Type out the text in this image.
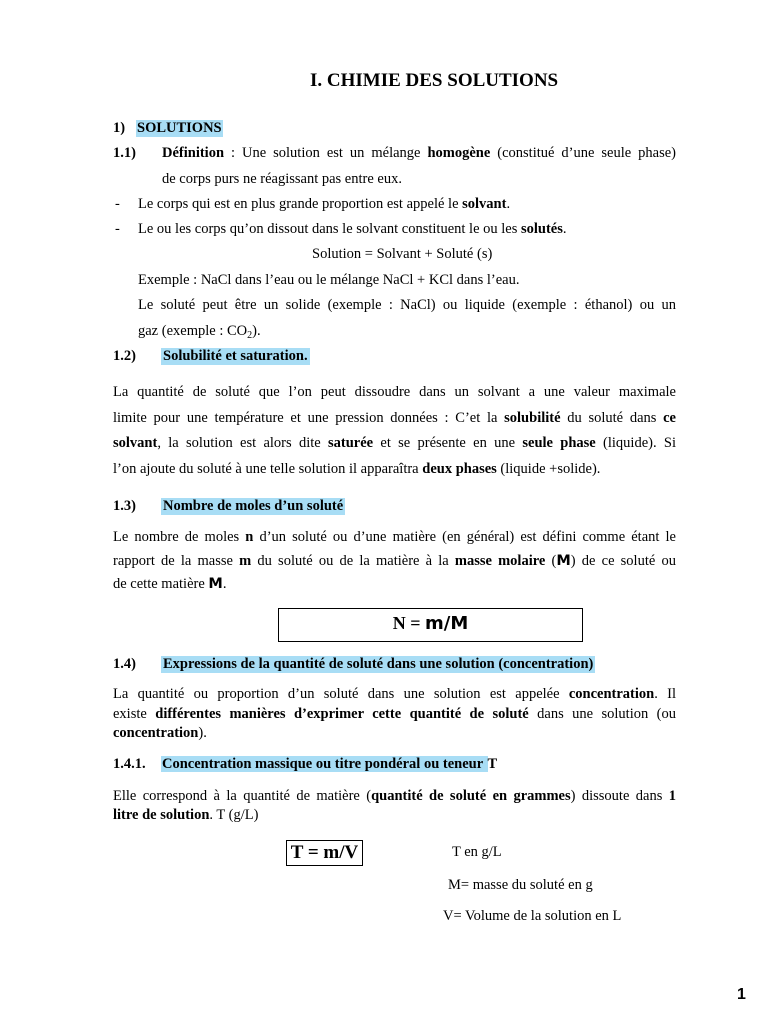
I. CHIMIE DES SOLUTIONS
1) SOLUTIONS
1.1) Définition : Une solution est un mélange homogène (constitué d’une seule phase)
de corps purs ne réagissant pas entre eux.
- Le corps qui est en plus grande proportion est appelé le solvant.
- Le ou les corps qu’on dissout dans le solvant constituent le ou les solutés.
Solution = Solvant + Soluté (s)
Exemple : NaCl dans l’eau ou le mélange NaCl + KCl dans l’eau.
Le soluté peut être un solide (exemple : NaCl) ou liquide (exemple : éthanol) ou un
gaz (exemple : $CO_2$).
1.2) Solubilité et saturation.
La quantité de soluté que l’on peut dissoudre dans un solvant a une valeur maximale
limite pour une température et une pression données : C’et la solubilité du soluté dans ce
solvant, la solution est alors dite saturée et se présente en une seule phase (liquide). Si
l’on ajoute du soluté à une telle solution il apparaîtra deux phases (liquide +solide).
1.3) Nombre de moles d’un soluté
Le nombre de moles n d’un soluté ou d’une matière (en général) est défini comme étant le
rapport de la masse m du soluté ou de la matière à la masse molaire (M) de ce soluté ou
de cette matière M.
N = m/M
1.4) Expressions de la quantité de soluté dans une solution (concentration)
La quantité ou proportion d’un soluté dans une solution est appelée concentration. Il
existe différentes manières d’exprimer cette quantité de soluté dans une solution (ou
concentration).
1.4.1. Concentration massique ou titre pondéral ou teneur T
Elle correspond à la quantité de matière (quantité de soluté en grammes) dissoute dans 1
litre de solution. T (g/L)
T = m/V	T en g/L
M= masse du soluté en g
V= Volume de la solution en L
1
